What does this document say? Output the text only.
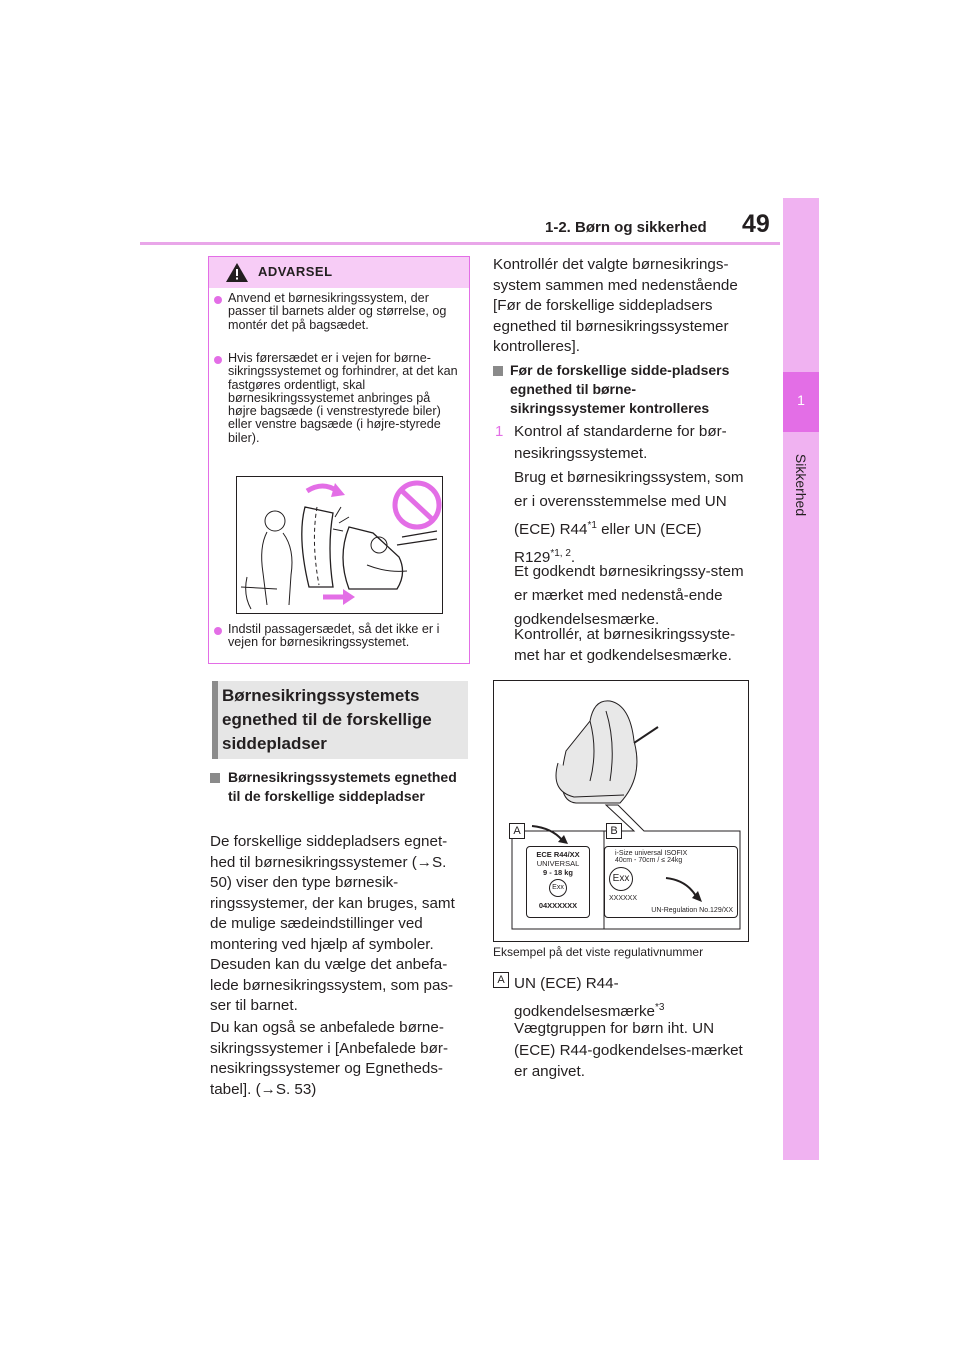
1-2. Børn og sikkerhed 49
1
Sikkerhed
ADVARSEL
Anvend et børnesikringssystem, der passer til barnets alder og størrelse, og montér det på bagsædet.
Hvis førersædet er i vejen for børne-sikringssystemet og forhindrer, at det kan fastgøres ordentligt, skal børnesikringssystemet anbringes på højre bagsæde (i venstrestyrede biler) eller venstre bagsæde (i højre-styrede biler).
Indstil passagersædet, så det ikke er i vejen for børnesikringssystemet.
Børnesikringssystemets egnethed til de forskellige siddepladser
Børnesikringssystemets egnethed til de forskellige siddepladser
De forskellige siddepladsers egnet-hed til børnesikringssystemer (→S. 50) viser den type børnesik-ringssystemer, der kan bruges, samt de mulige sædeindstillinger ved montering ved hjælp af symboler. Desuden kan du vælge det anbefa-lede børnesikringssystem, som pas-ser til barnet.
Du kan også se anbefalede børne-sikringssystemer i [Anbefalede bør-nesikringssystemer og Egnetheds-tabel]. (→S. 53)
Kontrollér det valgte børnesikrings-system sammen med nedenstående [Før de forskellige siddepladsers egnethed til børnesikringssystemer kontrolleres].
Før de forskellige sidde-pladsers egnethed til børne-sikringssystemer kontrolleres
1 Kontrol af standarderne for bør-nesikringssystemet.
Brug et børnesikringssystem, som er i overensstemmelse med UN (ECE) R44$^{*1}$ eller UN (ECE) R129$^{*1, 2}$.
Et godkendt børnesikringssy-stem er mærket med nedenstå-ende godkendelsesmærke.
Kontrollér, at børnesikringssyste-met har et godkendelsesmærke.
A	B
ECE R44/XX
UNIVERSAL
9 - 18 kg
Exx
04XXXXXX
i-Size universal ISOFIX
40cm - 70cm / ≤ 24kg
Exx
XXXXXX
UN-Regulation No.129/XX
Eksempel på det viste regulativnummer
A UN (ECE) R44-
godkendelsesmærke$^{*3}$
Vægtgruppen for børn iht. UN (ECE) R44-godkendelses-mærket er angivet.
